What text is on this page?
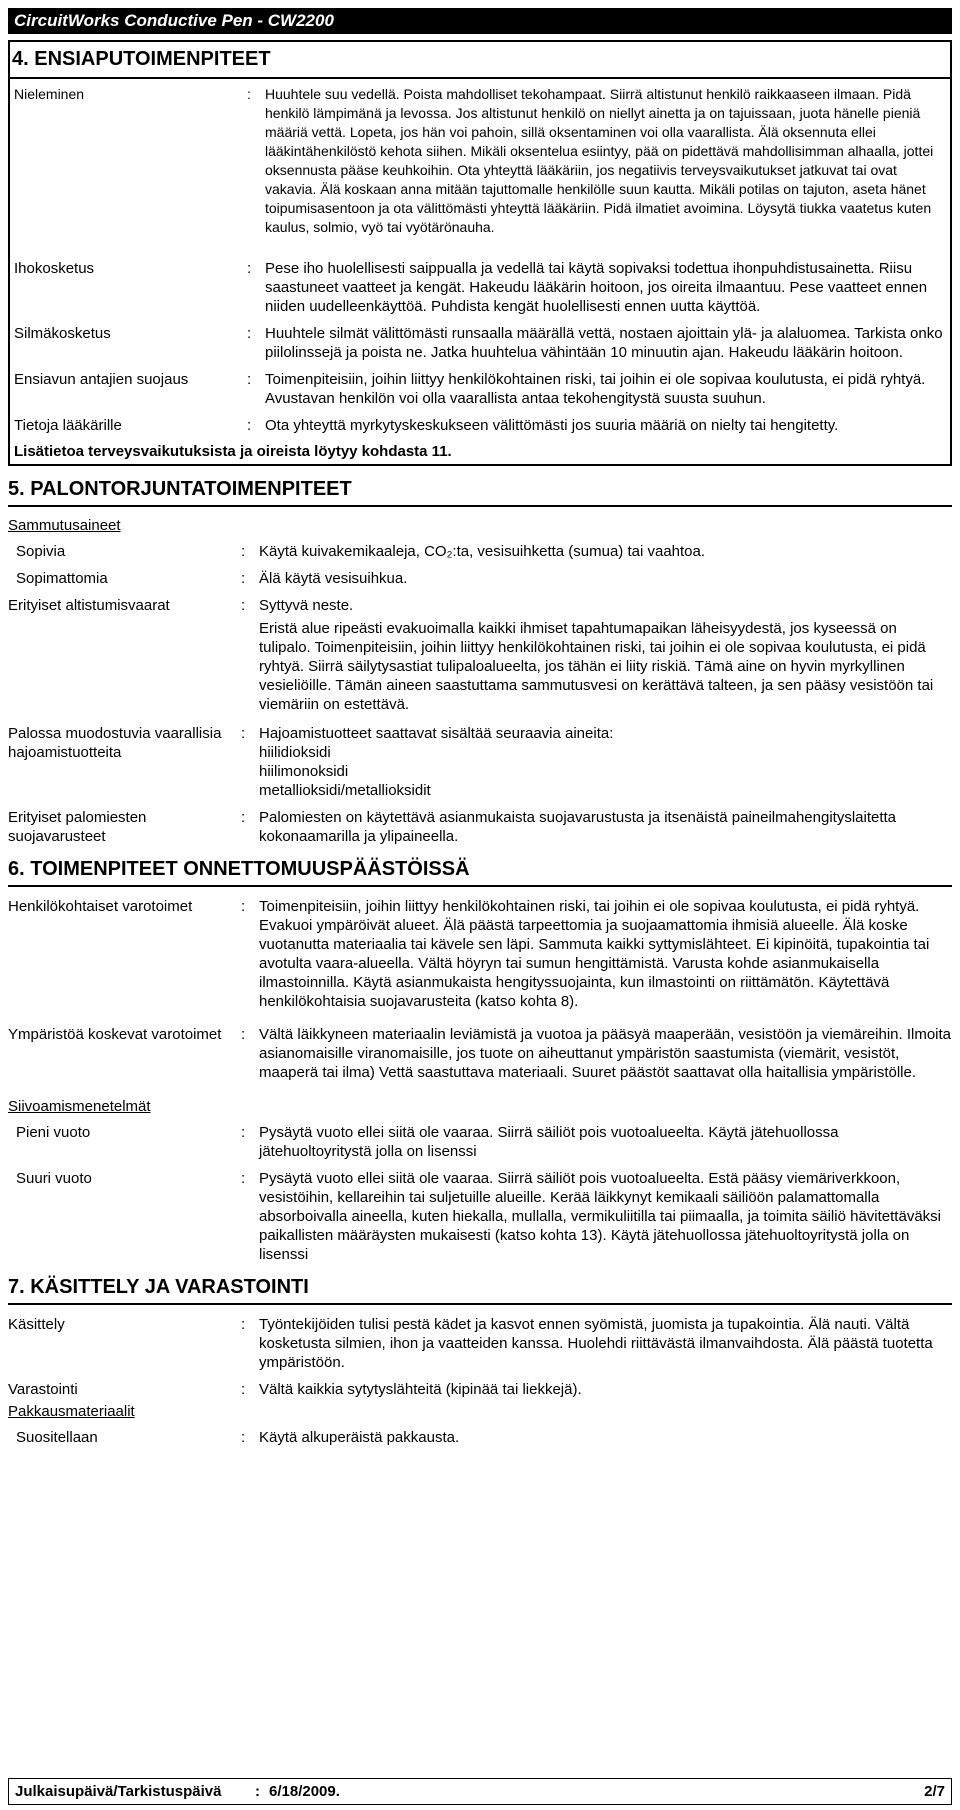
CircuitWorks Conductive Pen - CW2200
4. ENSIAPUTOIMENPITEET
Nieleminen	:	Huuhtele suu vedellä. Poista mahdolliset tekohampaat. Siirrä altistunut henkilö raikkaaseen ilmaan. Pidä henkilö lämpimänä ja levossa. Jos altistunut henkilö on niellyt ainetta ja on tajuissaan, juota hänelle pieniä määriä vettä. Lopeta, jos hän voi pahoin, sillä oksentaminen voi olla vaarallista. Älä oksennuta ellei lääkintähenkilöstö kehota siihen. Mikäli oksentelua esiintyy, pää on pidettävä mahdollisimman alhaalla, jottei oksennusta pääse keuhkoihin. Ota yhteyttä lääkäriin, jos negatiivis terveysvaikutukset jatkuvat tai ovat vakavia. Älä koskaan anna mitään tajuttomalle henkilölle suun kautta. Mikäli potilas on tajuton, aseta hänet toipumisasentoon ja ota välittömästi yhteyttä lääkäriin. Pidä ilmatiet avoimina. Löysytä tiukka vaatetus kuten kaulus, solmio, vyö tai vyötärönauha.
Ihokosketus	: Pese iho huolellisesti saippualla ja vedellä tai käytä sopivaksi todettua ihonpuhdistusainetta. Riisu saastuneet vaatteet ja kengät. Hakeudu lääkärin hoitoon, jos oireita ilmaantuu. Pese vaatteet ennen niiden uudelleenkäyttöä. Puhdista kengät huolellisesti ennen uutta käyttöä.
Silmäkosketus	: Huuhtele silmät välittömästi runsaalla määrällä vettä, nostaen ajoittain ylä- ja alaluomea. Tarkista onko piilolinssejä ja poista ne. Jatka huuhtelua vähintään 10 minuutin ajan. Hakeudu lääkärin hoitoon.
Ensiavun antajien suojaus	: Toimenpiteisiin, joihin liittyy henkilökohtainen riski, tai joihin ei ole sopivaa koulutusta, ei pidä ryhtyä. Avustavan henkilön voi olla vaarallista antaa tekohengitystä suusta suuhun.
Tietoja lääkärille	: Ota yhteyttä myrkytyskeskukseen välittömästi jos suuria määriä on nielty tai hengitetty.
Lisätietoa terveysvaikutuksista ja oireista löytyy kohdasta 11.
5. PALONTORJUNTATOIMENPITEET
Sammutusaineet
Sopivia	: Käytä kuivakemikaaleja, CO₂:ta, vesisuihketta (sumua) tai vaahtoa.
Sopimattomia	: Älä käytä vesisuihkua.
Erityiset altistumisvaarat	: Syttyvä neste.
Eristä alue ripeästi evakuoimalla kaikki ihmiset tapahtumapaikan läheisyydestä, jos kyseessä on tulipalo. Toimenpiteisiin, joihin liittyy henkilökohtainen riski, tai joihin ei ole sopivaa koulutusta, ei pidä ryhtyä. Siirrä säilytysastiat tulipaloalueelta, jos tähän ei liity riskiä. Tämä aine on hyvin myrkyllinen vesieliöille. Tämän aineen saastuttama sammutusvesi on kerättävä talteen, ja sen pääsy vesistöön tai viemäriin on estettävä.
Palossa muodostuvia vaarallisia hajoamistuotteita
: Hajoamistuotteet saattavat sisältää seuraavia aineita:
hiilidioksidi
hiilimonoksidi
metallioksidi/metallioksidit
Erityiset palomiesten suojavarusteet
: Palomiesten on käytettävä asianmukaista suojavarustusta ja itsenäistä paineilmahengityslaitetta kokonaamarilla ja ylipaineella.
6. TOIMENPITEET ONNETTOMUUSPÄÄSTÖISSÄ
Henkilökohtaiset varotoimet	: Toimenpiteisiin, joihin liittyy henkilökohtainen riski, tai joihin ei ole sopivaa koulutusta, ei pidä ryhtyä. Evakuoi ympäröivät alueet. Älä päästä tarpeettomia ja suojaamattomia ihmisiä alueelle. Älä koske vuotanutta materiaalia tai kävele sen läpi. Sammuta kaikki syttymislähteet. Ei kipinöitä, tupakointia tai avotulta vaara-alueella. Vältä höyryn tai sumun hengittämistä. Varusta kohde asianmukaisella ilmastoinnilla. Käytä asianmukaista hengityssuojainta, kun ilmastointi on riittämätön. Käytettävä henkilökohtaisia suojavarusteita (katso kohta 8).
Ympäristöä koskevat varotoimet	: Vältä läikkyneen materiaalin leviämistä ja vuotoa ja pääsyä maaperään, vesistöön ja viemäreihin. Ilmoita asianomaisille viranomaisille, jos tuote on aiheuttanut ympäristön saastumista (viemärit, vesistöt, maaperä tai ilma) Vettä saastuttava materiaali. Suuret päästöt saattavat olla haitallisia ympäristölle.
Siivoamismenetelmät
Pieni vuoto	: Pysäytä vuoto ellei siitä ole vaaraa. Siirrä säiliöt pois vuotoalueelta. Käytä jätehuollossa jätehuoltoyritystä jolla on lisenssi
Suuri vuoto	: Pysäytä vuoto ellei siitä ole vaaraa. Siirrä säiliöt pois vuotoalueelta. Estä pääsy viemäriverkkoon, vesistöihin, kellareihin tai suljetuille alueille. Kerää läikkynyt kemikaali säiliöön palamattomalla absorboivalla aineella, kuten hiekalla, mullalla, vermikuliitilla tai piimaalla, ja toimita säiliö hävitettäväksi paikallisten määräysten mukaisesti (katso kohta 13). Käytä jätehuollossa jätehuoltoyritystä jolla on lisenssi
7. KÄSITTELY JA VARASTOINTI
Käsittely	: Työntekijöiden tulisi pestä kädet ja kasvot ennen syömistä, juomista ja tupakointia. Älä nauti. Vältä kosketusta silmien, ihon ja vaatteiden kanssa. Huolehdi riittävästä ilmanvaihdosta. Älä päästä tuotetta ympäristöön.
Varastointi	: Vältä kaikkia sytytyslähteitä (kipinää tai liekkejä).
Pakkausmateriaalit
Suositellaan	: Käytä alkuperäistä pakkausta.
Julkaisupäivä/Tarkistuspäivä	: 6/18/2009.	2/7
